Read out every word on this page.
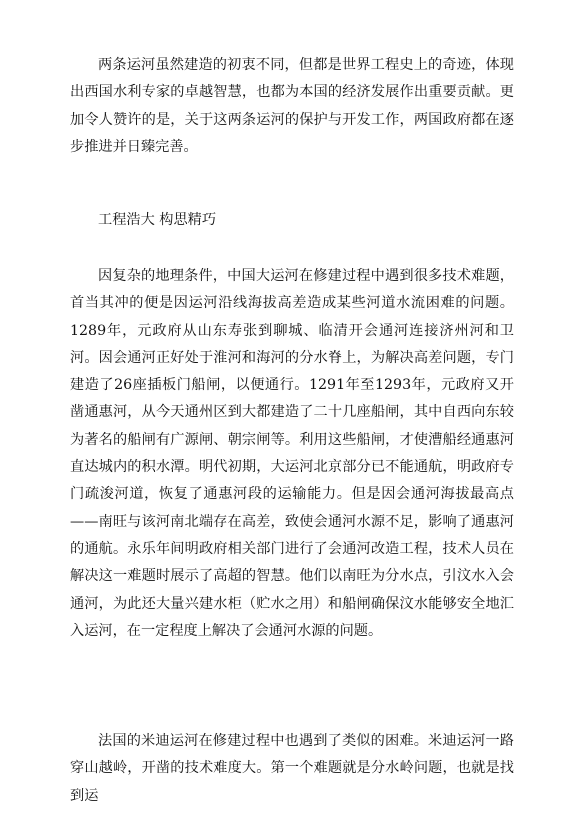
两条运河虽然建造的初衷不同，但都是世界工程史上的奇迹，体现出西国水利专家的卓越智慧，也都为本国的经济发展作出重要贡献。更加令人赞许的是，关于这两条运河的保护与开发工作，两国政府都在逐步推进并日臻完善。

工程浩大 构思精巧

因复杂的地理条件，中国大运河在修建过程中遇到很多技术难题，首当其冲的便是因运河沿线海拔高差造成某些河道水流困难的问题。1289年，元政府从山东寿张到聊城、临清开会通河连接济州河和卫河。因会通河正好处于淮河和海河的分水脊上，为解决高差问题，专门建造了26座插板门船闸，以便通行。1291年至1293年，元政府又开凿通惠河，从今天通州区到大都建造了二十几座船闸，其中自西向东较为著名的船闸有广源闸、朝宗闸等。利用这些船闸，才使漕船经通惠河直达城内的积水潭。明代初期，大运河北京部分已不能通航，明政府专门疏浚河道，恢复了通惠河段的运输能力。但是因会通河海拔最高点——南旺与该河南北端存在高差，致使会通河水源不足，影响了通惠河的通航。永乐年间明政府相关部门进行了会通河改造工程，技术人员在解决这一难题时展示了高超的智慧。他们以南旺为分水点，引汶水入会通河，为此还大量兴建水柜（贮水之用）和船闸确保汶水能够安全地汇入运河，在一定程度上解决了会通河水源的问题。

法国的米迪运河在修建过程中也遇到了类似的困难。米迪运河一路穿山越岭，开凿的技术难度大。第一个难题就是分水岭问题，也就是找到运
